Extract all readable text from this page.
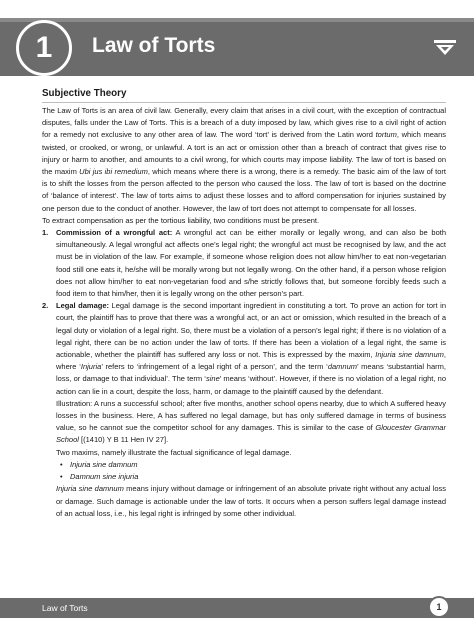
1	Law of Torts
Subjective Theory

The Law of Torts is an area of civil law. Generally, every claim that arises in a civil court, with the exception of contractual disputes, falls under the Law of Torts. This is a breach of a duty imposed by law, which gives rise to a civil right of action for a remedy not exclusive to any other area of law. The word ‘tort’ is derived from the Latin word tortum, which means twisted, or crooked, or wrong, or unlawful. A tort is an act or omission other than a breach of contract that gives rise to injury or harm to another, and amounts to a civil wrong, for which courts may impose liability. The law of tort is based on the maxim Ubi jus ibi remedium, which means where there is a wrong, there is a remedy. The basic aim of the law of tort is to shift the losses from the person affected to the person who caused the loss. The law of tort is based on the doctrine of ‘balance of interest’. The law of torts aims to adjust these losses and to afford compensation for injuries sustained by one person due to the conduct of another. However, the law of tort does not attempt to compensate for all losses.

To extract compensation as per the tortious liability, two conditions must be present.

1.	Commission of a wrongful act: A wrongful act can be either morally or legally wrong, and can also be both simultaneously. A legal wrongful act affects one’s legal right; the wrongful act must be recognised by law, and the act must be in violation of the law. For example, if someone whose religion does not allow him/her to eat non-vegetarian food still one eats it, he/she will be morally wrong but not legally wrong. On the other hand, if a person whose religion does not allow him/her to eat non-vegetarian food and s/he strictly follows that, but someone forcibly feeds such a food item to that him/her, then it is legally wrong on the other person’s part.
2.	Legal damage: Legal damage is the second important ingredient in constituting a tort. To prove an action for tort in court, the plaintiff has to prove that there was a wrongful act, or an act or omission, which resulted in the breach of a legal duty or violation of a legal right. So, there must be a violation of a person’s legal right; if there is no violation of a legal right, there can be no action under the law of torts. If there has been a violation of a legal right, the same is actionable, whether the plaintiff has suffered any loss or not. This is expressed by the maxim, Injuria sine damnum, where ‘Injuria’ refers to ‘infringement of a legal right of a person’, and the term ‘damnum’ means ‘substantial harm, loss, or damage to that individual’. The term ‘sine’ means ‘without’. However, if there is no violation of a legal right, no action can lie in a court, despite the loss, harm, or damage to the plaintiff caused by the defendant.

Illustration: A runs a successful school; after five months, another school opens nearby, due to which A suffered heavy losses in the business. Here, A has suffered no legal damage, but has only suffered damage in terms of business value, so he cannot sue the competitor school for any damages. This is similar to the case of Gloucester Grammar School [(1410) Y B 11 Hen IV 27].

Two maxims, namely illustrate the factual significance of legal damage.

• Injuria sine damnum
• Damnum sine injuria

Injuria sine damnum means injury without damage or infringement of an absolute private right without any actual loss or damage. Such damage is actionable under the law of torts. It occurs when a person suffers legal damage instead of an actual loss, i.e., his legal right is infringed by some other individual.

Law of Torts	1
